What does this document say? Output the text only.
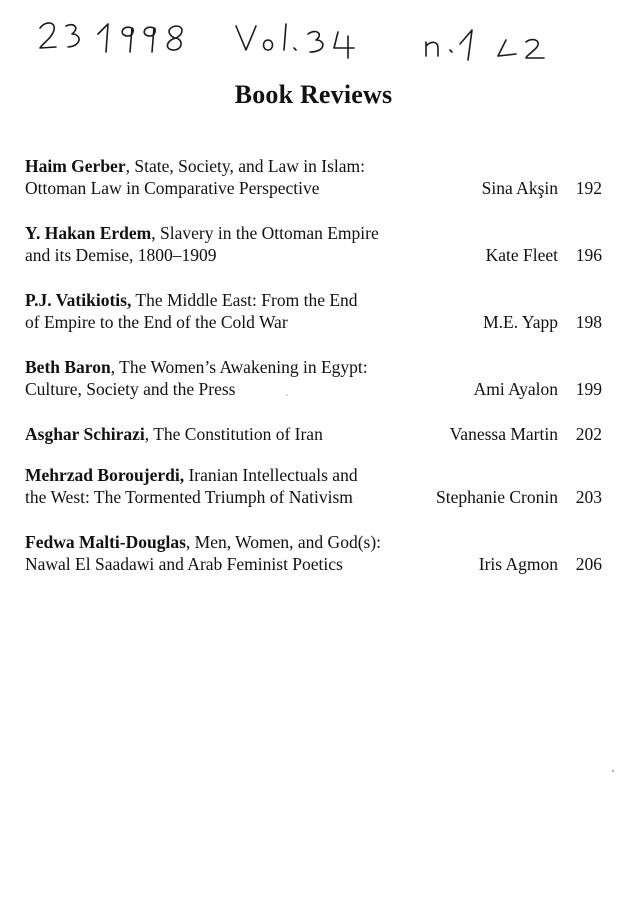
Book Reviews
Haim Gerber, State, Society, and Law in Islam:
Ottoman Law in Comparative Perspective	Sina Akşin 192
Y. Hakan Erdem, Slavery in the Ottoman Empire
and its Demise, 1800–1909	Kate Fleet 196
P.J. Vatikiotis, The Middle East: From the End
of Empire to the End of the Cold War	M.E. Yapp 198
Beth Baron, The Women’s Awakening in Egypt:
Culture, Society and the Press	Ami Ayalon 199
Asghar Schirazi, The Constitution of Iran	Vanessa Martin 202
Mehrzad Boroujerdi, Iranian Intellectuals and
the West: The Tormented Triumph of Nativism	Stephanie Cronin 203
Fedwa Malti-Douglas, Men, Women, and God(s):
Nawal El Saadawi and Arab Feminist Poetics	Iris Agmon 206
